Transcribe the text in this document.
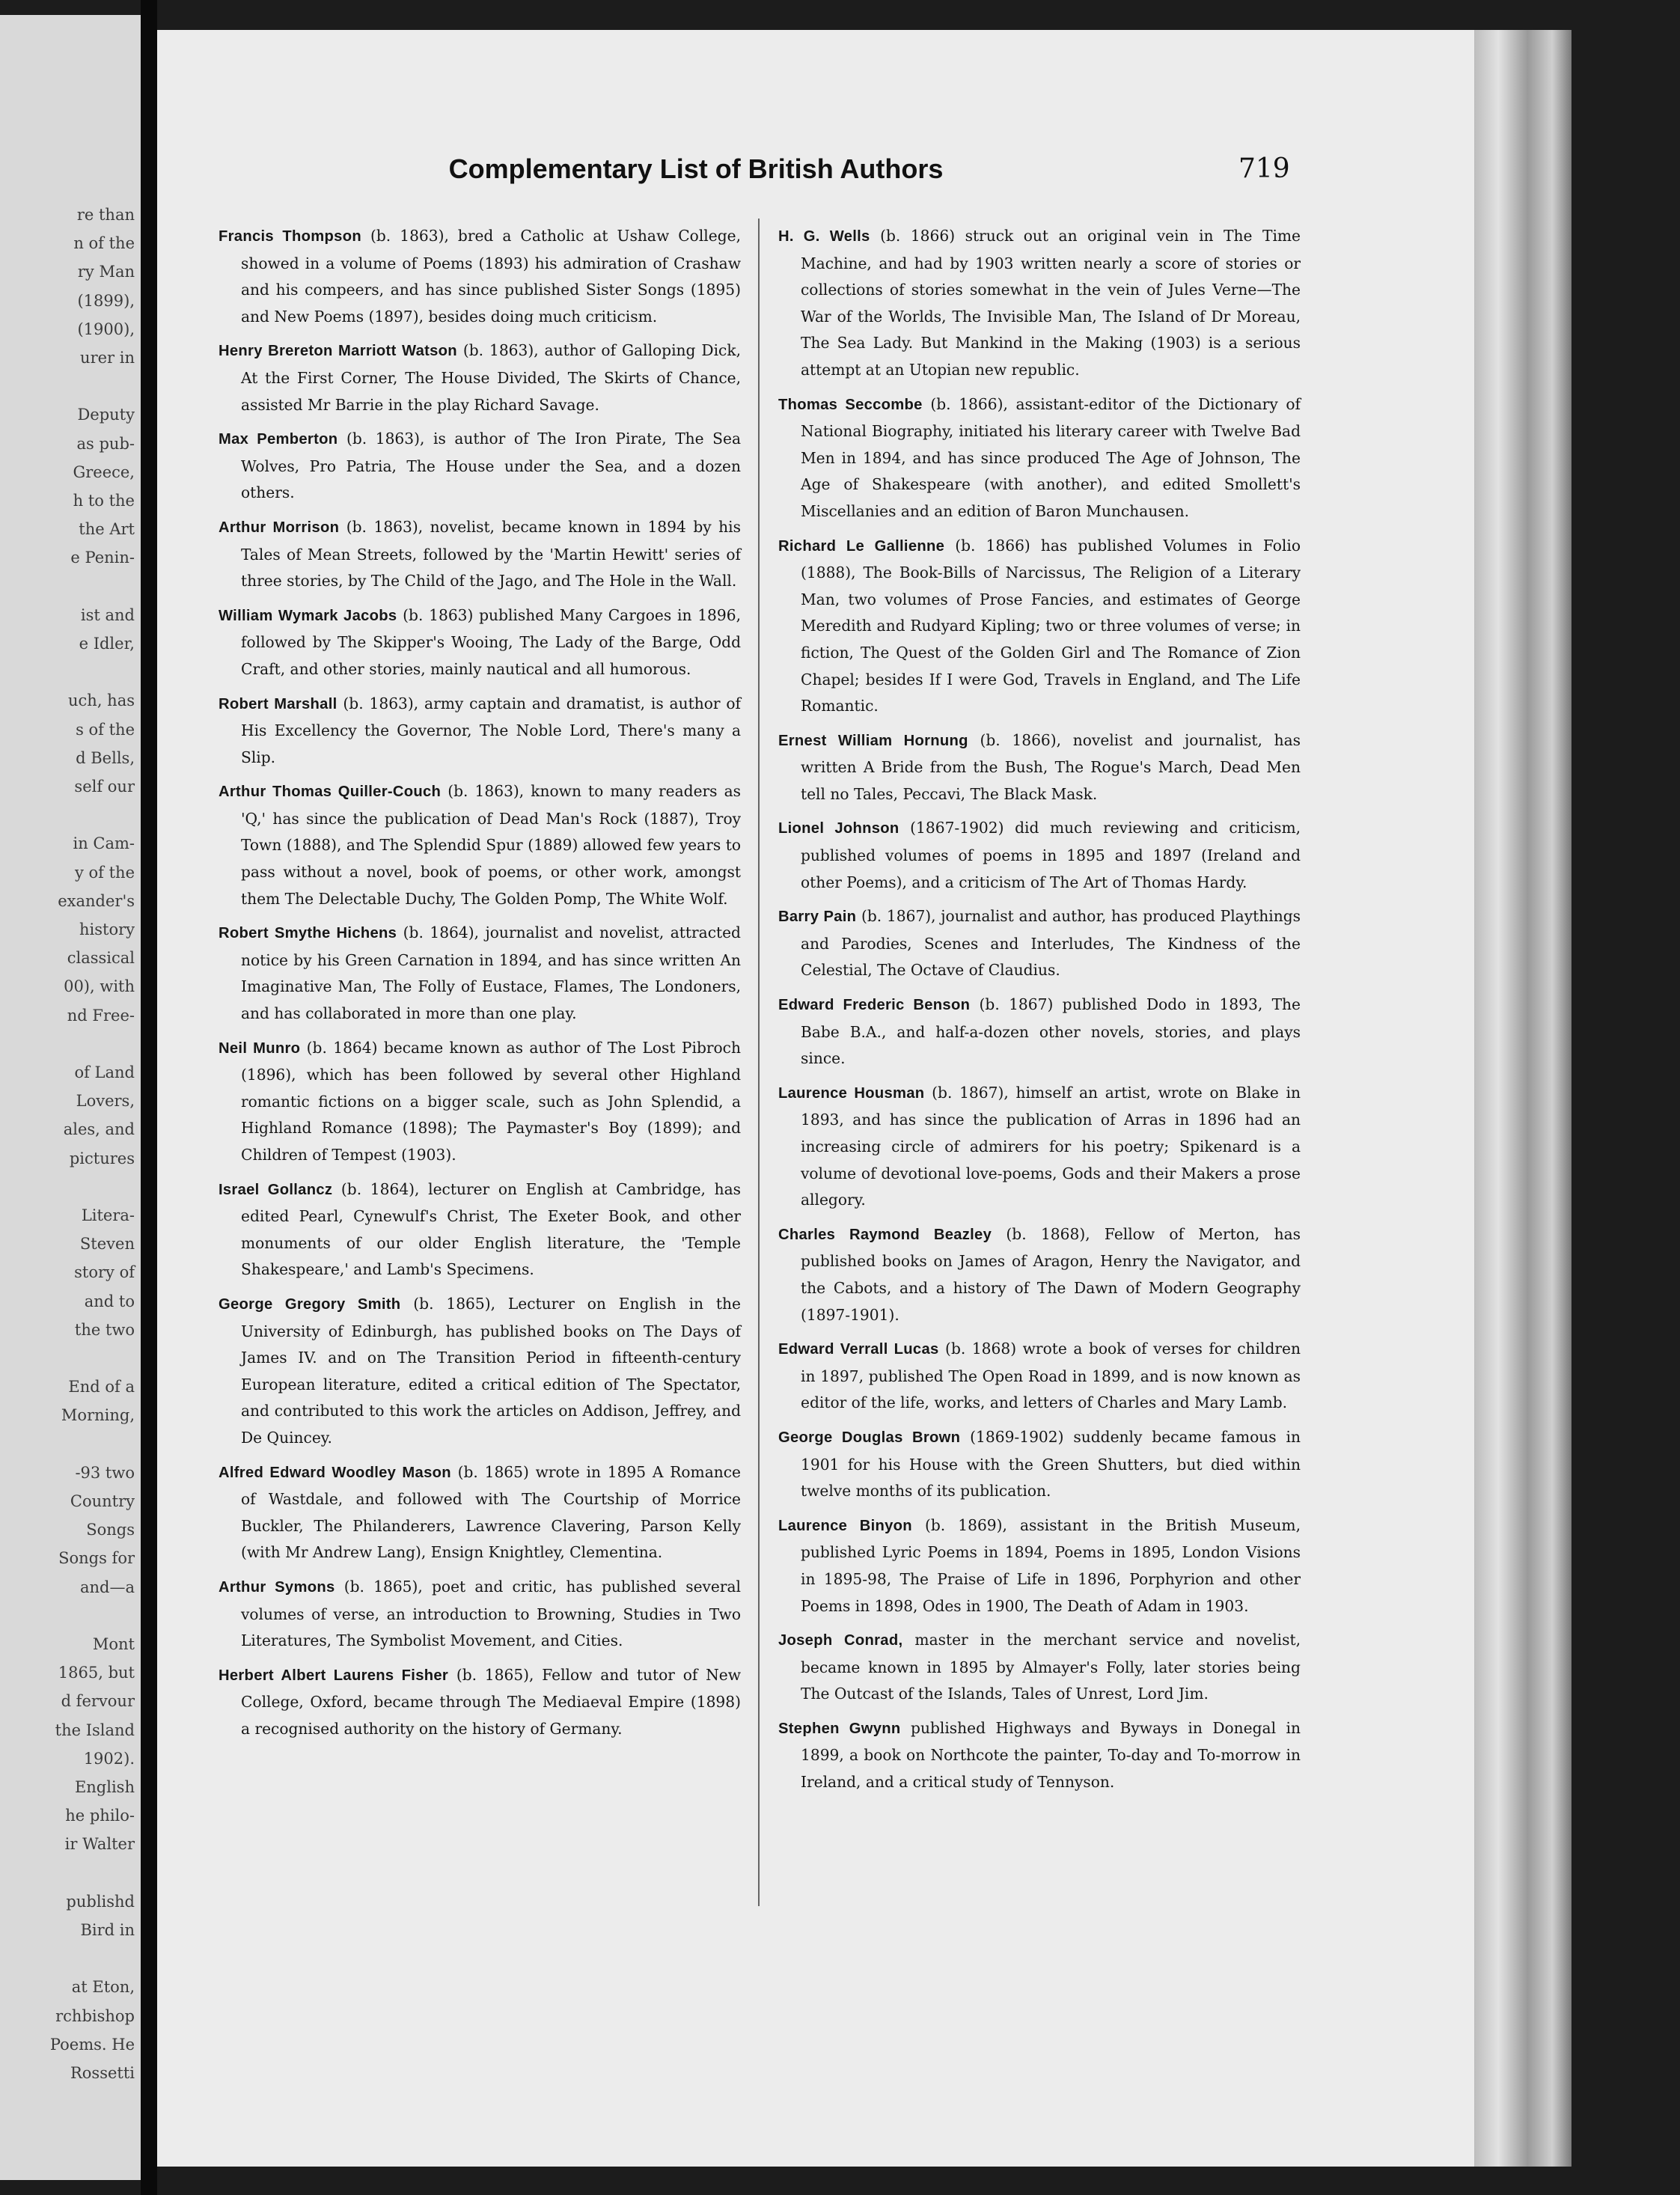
re than
n of the
ry Man
(1899),
(1900),
urer in
Deputy
as pub-
Greece,
h to the
the Art
e Penin-
ist and
e Idler,
uch, has
s of the
d Bells,
self our
in Cam-
y of the
exander's
history
classical
00), with
nd Free-
of Land
Lovers,
ales, and
pictures
Litera-
Steven
story of
and to
the two
End of a
Morning,
-93 two
Country
Songs
Songs for
and—a
Mont
1865, but
d fervour
the Island
1902).
English
he philo-
ir Walter
publishd
Bird in
at Eton,
rchbishop
Poems. He
Rossetti
Complementary List of British Authors	719

Francis Thompson (b. 1863), bred a Catholic at Ushaw College, showed in a volume of Poems (1893) his admiration of Crashaw and his compeers, and has since published Sister Songs (1895) and New Poems (1897), besides doing much criticism.

Henry Brereton Marriott Watson (b. 1863), author of Galloping Dick, At the First Corner, The House Divided, The Skirts of Chance, assisted Mr Barrie in the play Richard Savage.

Max Pemberton (b. 1863), is author of The Iron Pirate, The Sea Wolves, Pro Patria, The House under the Sea, and a dozen others.

Arthur Morrison (b. 1863), novelist, became known in 1894 by his Tales of Mean Streets, followed by the 'Martin Hewitt' series of three stories, by The Child of the Jago, and The Hole in the Wall.

William Wymark Jacobs (b. 1863) published Many Cargoes in 1896, followed by The Skipper's Wooing, The Lady of the Barge, Odd Craft, and other stories, mainly nautical and all humorous.

Robert Marshall (b. 1863), army captain and dramatist, is author of His Excellency the Governor, The Noble Lord, There's many a Slip.

Arthur Thomas Quiller-Couch (b. 1863), known to many readers as 'Q,' has since the publication of Dead Man's Rock (1887), Troy Town (1888), and The Splendid Spur (1889) allowed few years to pass without a novel, book of poems, or other work, amongst them The Delectable Duchy, The Golden Pomp, The White Wolf.

Robert Smythe Hichens (b. 1864), journalist and novelist, attracted notice by his Green Carnation in 1894, and has since written An Imaginative Man, The Folly of Eustace, Flames, The Londoners, and has collaborated in more than one play.

Neil Munro (b. 1864) became known as author of The Lost Pibroch (1896), which has been followed by several other Highland romantic fictions on a bigger scale, such as John Splendid, a Highland Romance (1898); The Paymaster's Boy (1899); and Children of Tempest (1903).

Israel Gollancz (b. 1864), lecturer on English at Cambridge, has edited Pearl, Cynewulf's Christ, The Exeter Book, and other monuments of our older English literature, the 'Temple Shakespeare,' and Lamb's Specimens.

George Gregory Smith (b. 1865), Lecturer on English in the University of Edinburgh, has published books on The Days of James IV. and on The Transition Period in fifteenth-century European literature, edited a critical edition of The Spectator, and contributed to this work the articles on Addison, Jeffrey, and De Quincey.

Alfred Edward Woodley Mason (b. 1865) wrote in 1895 A Romance of Wastdale, and followed with The Courtship of Morrice Buckler, The Philanderers, Lawrence Clavering, Parson Kelly (with Mr Andrew Lang), Ensign Knightley, Clementina.

Arthur Symons (b. 1865), poet and critic, has published several volumes of verse, an introduction to Browning, Studies in Two Literatures, The Symbolist Movement, and Cities.

Herbert Albert Laurens Fisher (b. 1865), Fellow and tutor of New College, Oxford, became through The Mediaeval Empire (1898) a recognised authority on the history of Germany.

H. G. Wells (b. 1866) struck out an original vein in The Time Machine, and had by 1903 written nearly a score of stories or collections of stories somewhat in the vein of Jules Verne—The War of the Worlds, The Invisible Man, The Island of Dr Moreau, The Sea Lady. But Mankind in the Making (1903) is a serious attempt at an Utopian new republic.

Thomas Seccombe (b. 1866), assistant-editor of the Dictionary of National Biography, initiated his literary career with Twelve Bad Men in 1894, and has since produced The Age of Johnson, The Age of Shakespeare (with another), and edited Smollett's Miscellanies and an edition of Baron Munchausen.

Richard Le Gallienne (b. 1866) has published Volumes in Folio (1888), The Book-Bills of Narcissus, The Religion of a Literary Man, two volumes of Prose Fancies, and estimates of George Meredith and Rudyard Kipling; two or three volumes of verse; in fiction, The Quest of the Golden Girl and The Romance of Zion Chapel; besides If I were God, Travels in England, and The Life Romantic.

Ernest William Hornung (b. 1866), novelist and journalist, has written A Bride from the Bush, The Rogue's March, Dead Men tell no Tales, Peccavi, The Black Mask.

Lionel Johnson (1867-1902) did much reviewing and criticism, published volumes of poems in 1895 and 1897 (Ireland and other Poems), and a criticism of The Art of Thomas Hardy.

Barry Pain (b. 1867), journalist and author, has produced Playthings and Parodies, Scenes and Interludes, The Kindness of the Celestial, The Octave of Claudius.

Edward Frederic Benson (b. 1867) published Dodo in 1893, The Babe B.A., and half-a-dozen other novels, stories, and plays since.

Laurence Housman (b. 1867), himself an artist, wrote on Blake in 1893, and has since the publication of Arras in 1896 had an increasing circle of admirers for his poetry; Spikenard is a volume of devotional love-poems, Gods and their Makers a prose allegory.

Charles Raymond Beazley (b. 1868), Fellow of Merton, has published books on James of Aragon, Henry the Navigator, and the Cabots, and a history of The Dawn of Modern Geography (1897-1901).

Edward Verrall Lucas (b. 1868) wrote a book of verses for children in 1897, published The Open Road in 1899, and is now known as editor of the life, works, and letters of Charles and Mary Lamb.

George Douglas Brown (1869-1902) suddenly became famous in 1901 for his House with the Green Shutters, but died within twelve months of its publication.

Laurence Binyon (b. 1869), assistant in the British Museum, published Lyric Poems in 1894, Poems in 1895, London Visions in 1895-98, The Praise of Life in 1896, Porphyrion and other Poems in 1898, Odes in 1900, The Death of Adam in 1903.

Joseph Conrad, master in the merchant service and novelist, became known in 1895 by Almayer's Folly, later stories being The Outcast of the Islands, Tales of Unrest, Lord Jim.

Stephen Gwynn published Highways and Byways in Donegal in 1899, a book on Northcote the painter, To-day and To-morrow in Ireland, and a critical study of Tennyson.
